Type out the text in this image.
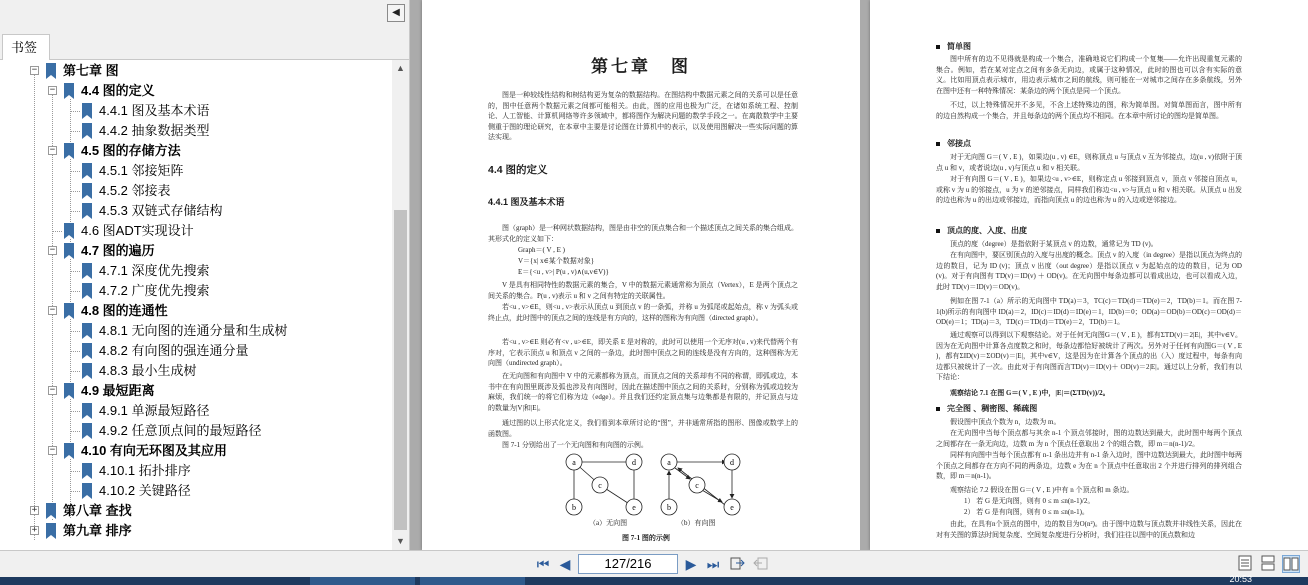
◀
书签
− 第七章 图
− 4.4 图的定义
4.4.1 图及基本术语
4.4.2 抽象数据类型
− 4.5 图的存储方法
4.5.1 邻接矩阵
4.5.2 邻接表
4.5.3 双链式存储结构
4.6 图ADT实现设计
− 4.7 图的遍历
4.7.1 深度优先搜索
4.7.2 广度优先搜索
− 4.8 图的连通性
4.8.1 无向图的连通分量和生成树
4.8.2 有向图的强连通分量
4.8.3 最小生成树
− 4.9 最短距离
4.9.1 单源最短路径
4.9.2 任意顶点间的最短路径
− 4.10 有向无环图及其应用
4.10.1 拓扑排序
4.10.2 关键路径
+ 第八章 查找
+ 第九章 排序
▲
▼
第七章　图
图是一种较线性结构和树结构更为复杂的数据结构。在图结构中数据元素之间的关系可以是任意的，图中任意两个数据元素之间都可能相关。由此，图的应用也极为广泛，在诸如系统工程、控制论、人工智能、计算机网络等许多领域中，都将图作为解决问题的数学手段之一。在离散数学中主要侧重于图的理论研究，在本章中主要是讨论图在计算机中的表示，以及使用图解决一些实际问题的算法实现。
4.4 图的定义
4.4.1 图及基本术语
图（graph）是一种网状数据结构，图是由非空的顶点集合和一个描述顶点之间关系的集合组成。其形式化的定义如下：
Graph＝( V , E )
V＝{x| x∈某个数据对象}
E＝{<u , v>| P(u , v)∧(u,v∈V)}
V 是具有相同特性的数据元素的集合，V 中的数据元素通常称为顶点（Vertex），E 是两个顶点之间关系的集合。P(u , v)表示 u 和 v 之间有特定的关联属性。
若<u , v>∈E，则<u , v>表示从顶点 u 到顶点 v 的一条弧，并称 u 为弧尾或起始点，称 v 为弧头或终止点，此时图中的顶点之间的连线是有方向的，这样的图称为有向图（directed graph）。
若<u , v>∈E 则必有<v , u>∈E，即关系 E 是对称的，此时可以使用一个无序对(u , v)来代替两个有序对，它表示顶点 u 和顶点 v 之间的一条边，此时图中顶点之间的连线是没有方向的，这种图称为无向图（undirected graph）。
在无向图和有向图中 V 中的元素都称为顶点，而顶点之间的关系却有不同的称谓，即弧或边，本书中在有向图里既涉及弧也涉及有向图时，因此在描述图中顶点之间的关系时，分别称为弧或边较为麻烦，我们统一的将它们称为边（edge）。并且我们还约定顶点集与边集都是有限的，并记顶点与边的数量为|V|和|E|。
通过图的以上形式化定义，我们看到本章所讨论的“图”，并非通常所指的图形、图像或数学上的函数图。
图 7-1 分别给出了一个无向图和有向图的示例。
a	d
c
b	e
a	d
c
b	e
（a）无向图	（b）有向图
图 7-1 图的示例
简单图
图中所有的边不见得就是构成一个集合，准确地说它们构成一个复集——允许出现重复元素的集合。例如，若在某对定点之间有多条无向边，或属于这种情况，此时的图也可以含有实际的意义。比如用顶点表示城市，用边表示城市之间的航线，则可能在一对城市之间存在多条航线，另外在图中还有一种特殊情况：某条边的两个顶点是同一个顶点。
不过，以上特殊情况并不多见，不含上述特殊边的图，称为简单图。对简单图而言，图中所有的边自然构成一个集合，并且每条边的两个顶点均不相同。在本章中所讨论的图均是简单图。
邻接点
对于无向图 G＝( V , E )，如果边(u , v) ∈E，则称顶点 u 与顶点 v 互为邻接点，边(u , v)依附于顶点 u 和 v，或者说边(u , v)与顶点 u 和 v 相关联。
对于有向图 G＝( V , E )，如果边<u , v>∈E，则称定点 u 邻接到顶点 v，顶点 v 邻接自顶点 u，或称 v 为 u 的邻接点，u 为 v 的逆邻接点，同样我们称边<u , v>与顶点 u 和 v 相关联。从顶点 u 出发的边也称为 u 的出边或邻接边，而指向顶点 u 的边也称为 u 的入边或逆邻接边。
顶点的度、入度、出度
顶点的度（degree）是指依附于某顶点 v 的边数，通常记为 TD (v)。
在有向图中，要区别顶点的入度与出度的概念。顶点 v 的入度（in degree）是指以顶点为终点的边的数目，记为 ID (v)；顶点 v 出度（out degree）是指以顶点 v 为起始点的边的数目，记为 OD (v)。对于有向图有 TD(v)＝ID(v) ＋ OD(v)。在无向图中每条边都可以看成出边，也可以看成入边，此时 TD(v)＝ID(v)＝OD(v)。
例如在图 7-1（a）所示的无向图中 TD(a)＝3，TC(c)＝TD(d)＝TD(e)＝2，TD(b)＝1。而在图 7-1(b)所示的有向图中 ID(a)＝2，ID(c)＝ID(d)＝ID(e)＝1，ID(b)＝0；OD(a)＝OD(b)＝OD(c)＝OD(d)＝OD(e)＝1；TD(a)＝3，TD(c)＝TD(d)＝TD(e)＝2，TD(b)＝1。
通过观察可以得到以下观察结论。对于任何无向图G＝( V , E )，都有ΣTD(v)＝2|E|，其中v∈V。因为在无向图中计算各点度数之和时，每条边都恰好被统计了两次。另外对于任何有向图G＝( V , E )，都有ΣID(v)＝ΣOD(v)＝|E|，其中v∈V，这是因为在计算各个顶点的出（入）度过程中，每条有向边都只被统计了一次。由此对于有向图而言TD(v)＝ID(v)＋ OD(v)＝2|E|。通过以上分析，我们有以下结论：
观察结论 7.1 在图 G＝( V , E )中，|E|＝(ΣTD(v))/2。
完全图 、稠密图、稀疏图
假设图中顶点个数为 n，边数为 m。
在无向图中当每个顶点都与其余 n-1 个顶点邻接时，图的边数达到最大，此时图中每两个顶点之间都存在一条无向边，边数 m 为 n 个顶点任意取出 2 个的组合数，即 m＝n(n-1)/2。
同样有向图中当每个顶点都有 n-1 条出边并有 n-1 条入边时，图中边数达到最大，此时图中每两个顶点之间都存在方向不同的两条边，边数 e 为在 n 个顶点中任意取出 2 个并进行排列的排列组合数，即 m＝n(n-1)。
观察结论 7.2 假设在图 G＝( V , E )中有 n 个顶点和 m 条边。
1） 若 G 是无向图，则有 0 ≤ m ≤n(n-1)/2。
2） 若 G 是有向图，则有 0 ≤ m ≤n(n-1)。
由此，在具有n个顶点的图中，边的数目为O(n²)。由于图中边数与顶点数并非线性关系，因此在对有关图的算法时间复杂度、空间复杂度进行分析时，我们往往以图中的顶点数和边
⏮ ◀	127/216	▶ ⏭
20:53
